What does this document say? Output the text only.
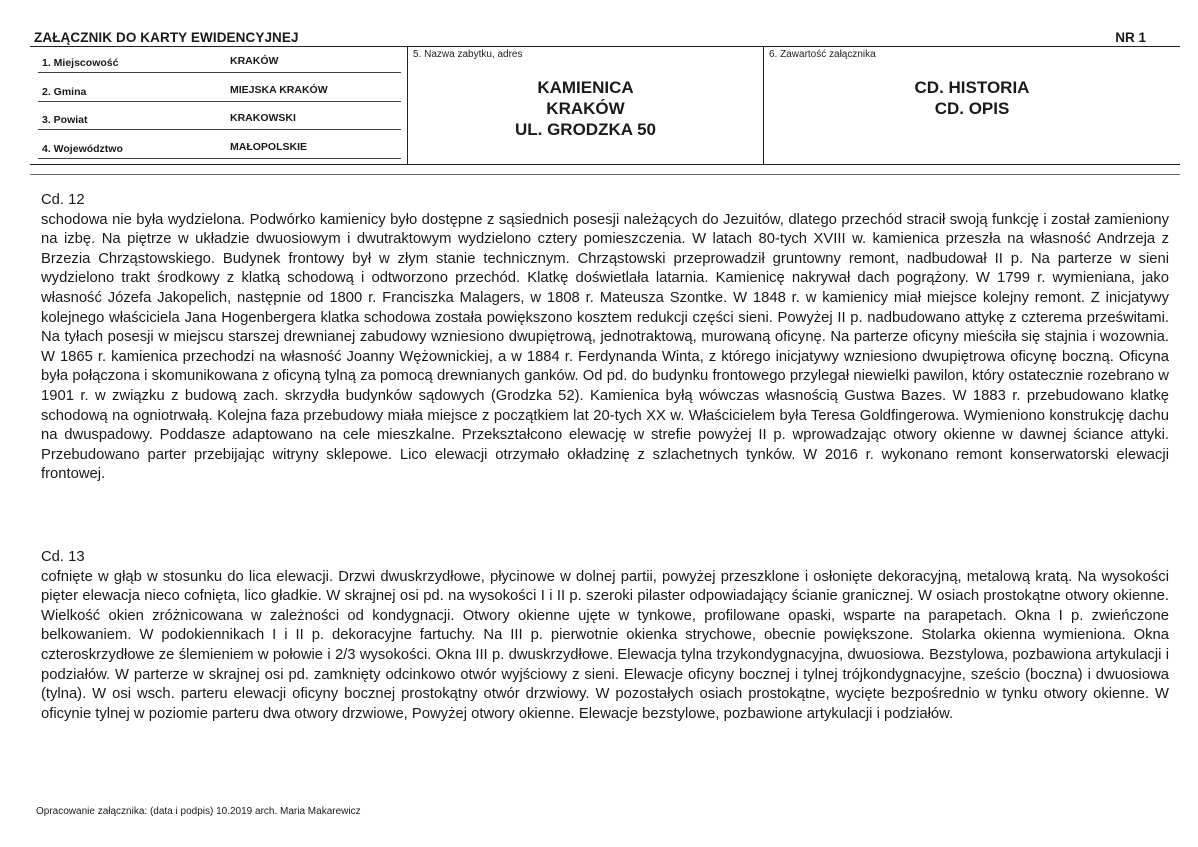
ZAŁĄCZNIK DO KARTY EWIDENCYJNEJ	NR 1
1. Miejscowość	KRAKÓW
2. Gmina	MIEJSKA KRAKÓW
3. Powiat	KRAKOWSKI
4. Województwo	MAŁOPOLSKIE
5. Nazwa zabytku, adres
KAMIENICA
KRAKÓW
UL. GRODZKA 50
6. Zawartość załącznika
CD. HISTORIA
CD. OPIS
Cd. 12

schodowa nie była wydzielona. Podwórko kamienicy było dostępne z sąsiednich posesji należących do Jezuitów, dlatego przechód stracił swoją funkcję i został zamieniony na izbę. Na piętrze w układzie dwuosiowym i dwutraktowym wydzielono cztery pomieszczenia. W latach 80-tych XVIII w. kamienica przeszła na własność Andrzeja z Brzezia Chrząstowskiego. Budynek frontowy był w złym stanie technicznym. Chrząstowski przeprowadził gruntowny remont, nadbudował II p. Na parterze w sieni wydzielono trakt środkowy z klatką schodową i odtworzono przechód. Klatkę doświetlała latarnia. Kamienicę nakrywał dach pogrążony. W 1799 r. wymieniana, jako własność Józefa Jakopelich, następnie od 1800 r. Franciszka Malagers, w 1808 r. Mateusza Szontke. W 1848 r. w kamienicy miał miejsce kolejny remont. Z inicjatywy kolejnego właściciela Jana Hogenbergera klatka schodowa została powiększono kosztem redukcji części sieni. Powyżej II p. nadbudowano attykę z czterema prześwitami. Na tyłach posesji w miejscu starszej drewnianej zabudowy wzniesiono dwupiętrową, jednotraktową, murowaną oficynę. Na parterze oficyny mieściła się stajnia i wozownia. W 1865 r. kamienica przechodzi na własność Joanny Wężownickiej, a w 1884 r. Ferdynanda Winta, z którego inicjatywy wzniesiono dwupiętrowa oficynę boczną. Oficyna była połączona i skomunikowana z oficyną tylną za pomocą drewnianych ganków. Od pd. do budynku frontowego przylegał niewielki pawilon, który ostatecznie rozebrano w 1901 r. w związku z budową zach. skrzydła budynków sądowych (Grodzka 52). Kamienica byłą wówczas własnością Gustwa Bazes. W 1883 r. przebudowano klatkę schodową na ogniotrwałą. Kolejna faza przebudowy miała miejsce z początkiem lat 20-tych XX w. Właścicielem była Teresa Goldfingerowa. Wymieniono konstrukcję dachu na dwuspadowy. Poddasze adaptowano na cele mieszkalne. Przekształcono elewację w strefie powyżej II p. wprowadzając otwory okienne w dawnej ściance attyki. Przebudowano parter przebijając witryny sklepowe. Lico elewacji otrzymało okładzinę z szlachetnych tynków. W 2016 r. wykonano remont konserwatorski elewacji frontowej.

Cd. 13

cofnięte w głąb w stosunku do lica elewacji. Drzwi dwuskrzydłowe, płycinowe w dolnej partii, powyżej przeszklone i osłonięte dekoracyjną, metalową kratą. Na wysokości pięter elewacja nieco cofnięta, lico gładkie. W skrajnej osi pd. na wysokości I i II p. szeroki pilaster odpowiadający ścianie granicznej. W osiach prostokątne otwory okienne. Wielkość okien zróżnicowana w zależności od kondygnacji. Otwory okienne ujęte w tynkowe, profilowane opaski, wsparte na parapetach. Okna I p. zwieńczone belkowaniem. W podokiennikach I i II p. dekoracyjne fartuchy. Na III p. pierwotnie okienka strychowe, obecnie powiększone. Stolarka okienna wymieniona. Okna czteroskrzydłowe ze ślemieniem w połowie i 2/3 wysokości. Okna III p. dwuskrzydłowe. Elewacja tylna trzykondygnacyjna, dwuosiowa. Bezstylowa, pozbawiona artykulacji i podziałów. W parterze w skrajnej osi pd. zamknięty odcinkowo otwór wyjściowy z sieni. Elewacje oficyny bocznej i tylnej trójkondygnacyjne, sześcio (boczna) i dwuosiowa (tylna). W osi wsch. parteru elewacji oficyny bocznej prostokątny otwór drzwiowy. W pozostałych osiach prostokątne, wycięte bezpośrednio w tynku otwory okienne. W oficynie tylnej w poziomie parteru dwa otwory drzwiowe, Powyżej otwory okienne. Elewacje bezstylowe, pozbawione artykulacji i podziałów.

Opracowanie załącznika: (data i podpis) 10.2019 arch. Maria Makarewicz
